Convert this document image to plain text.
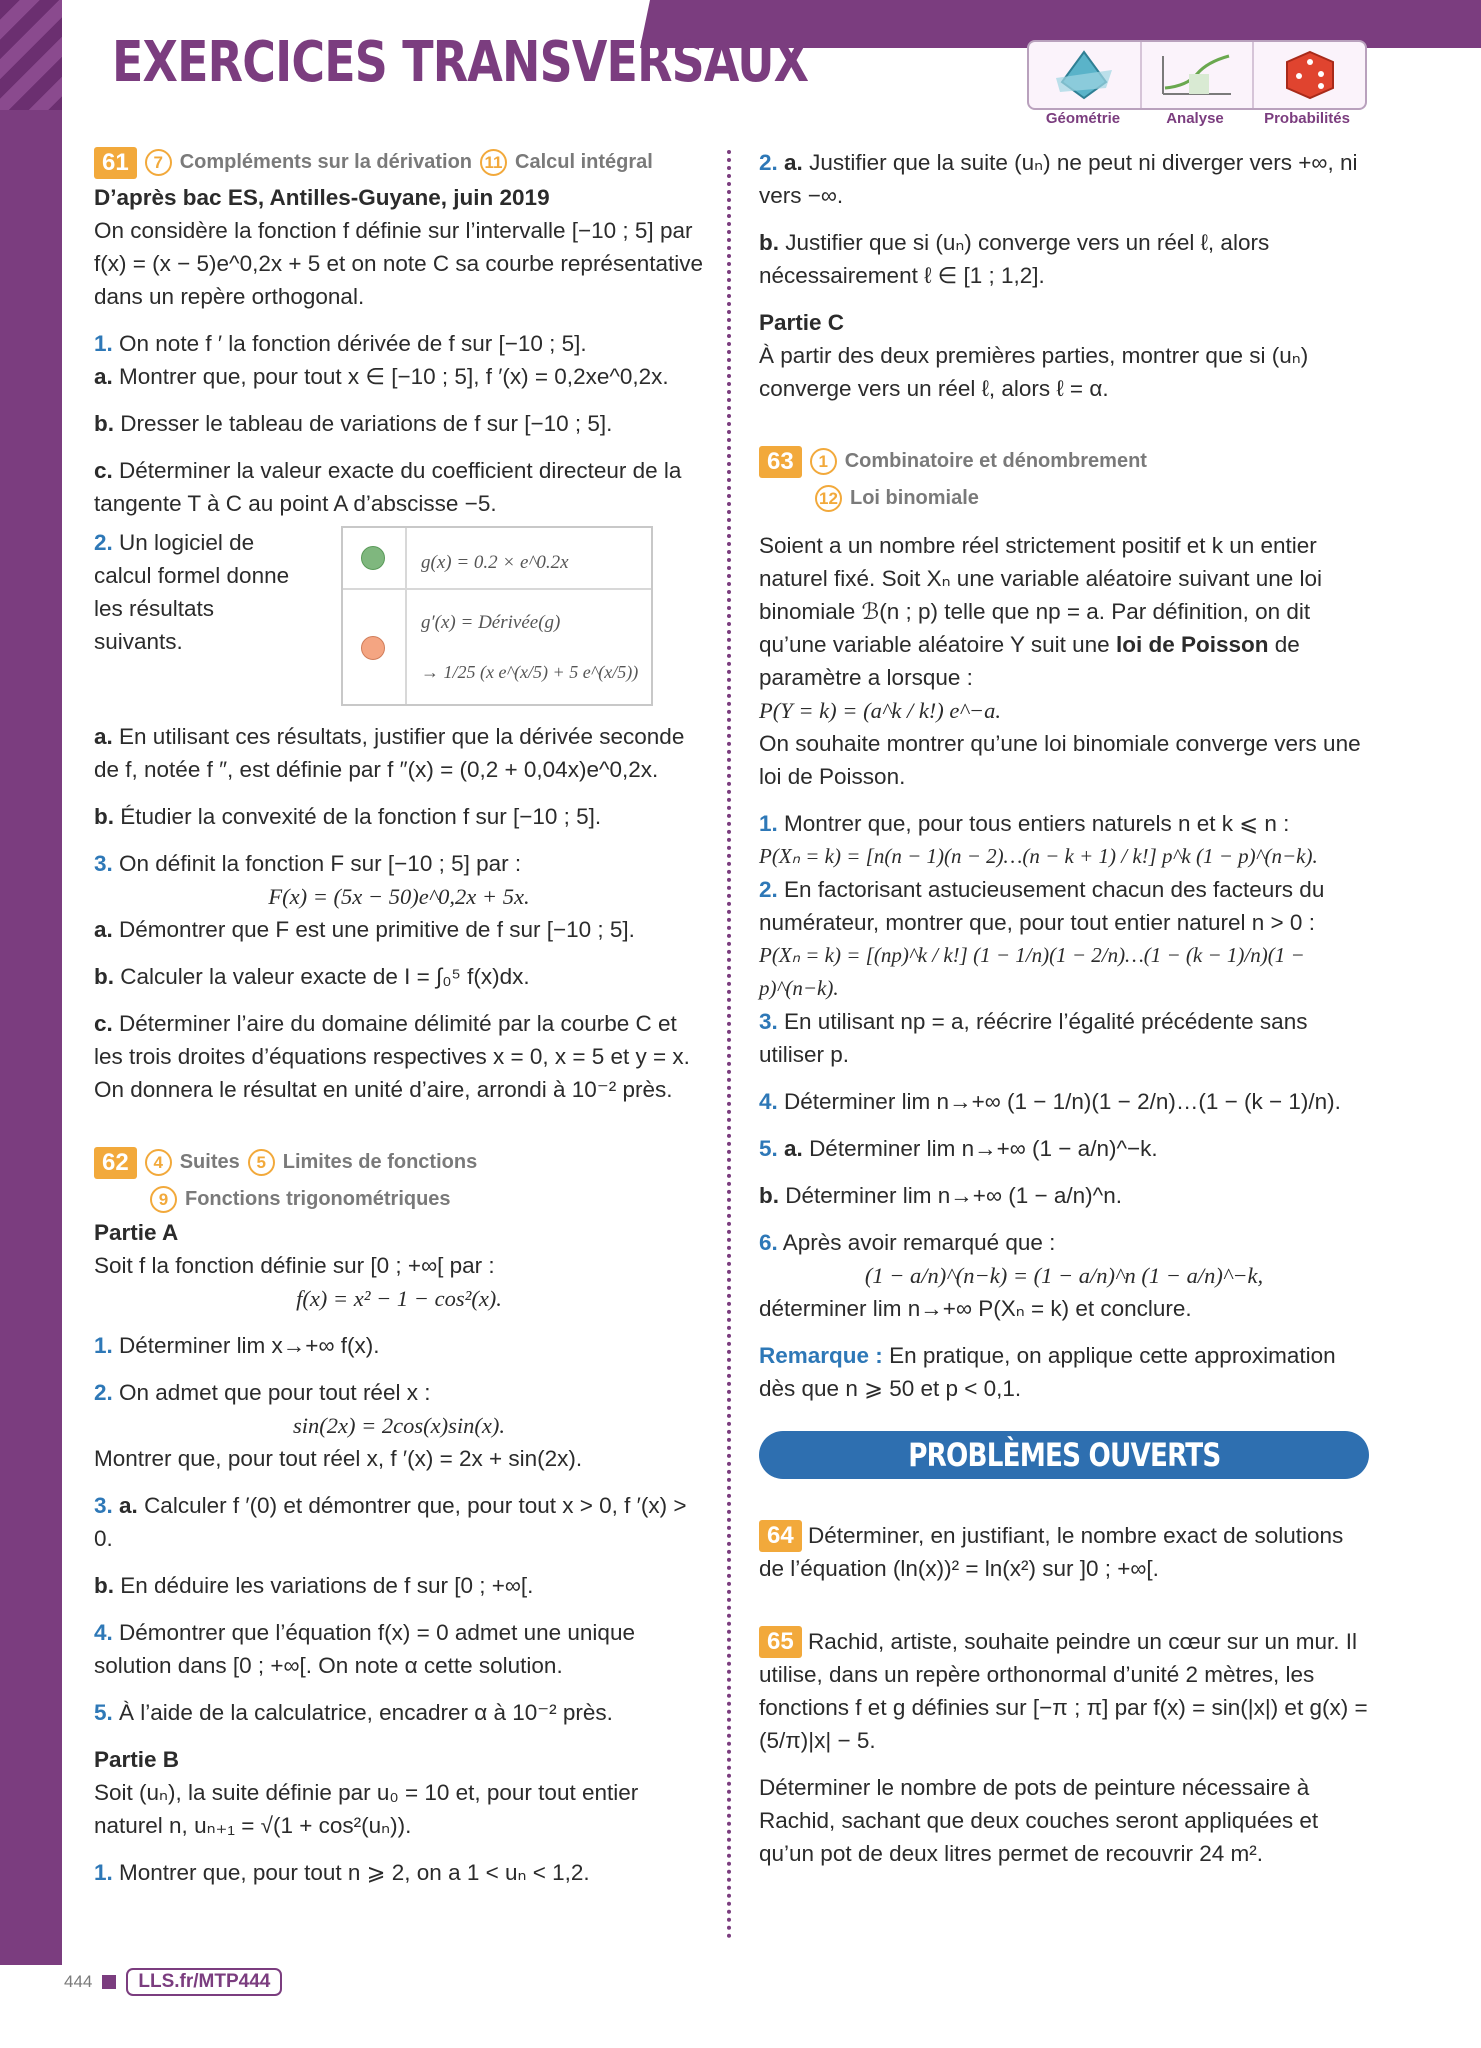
EXERCICES TRANSVERSAUX
Géométrie	Analyse	Probabilités
61	7 Compléments sur la dérivation 11 Calcul intégral

D’après bac ES, Antilles-Guyane, juin 2019

On considère la fonction f définie sur l’intervalle [−10 ; 5] par f(x) = (x − 5)e^0,2x + 5 et on note C sa courbe représentative dans un repère orthogonal.

1. On note f ′ la fonction dérivée de f sur [−10 ; 5].

a. Montrer que, pour tout x ∈ [−10 ; 5], f ′(x) = 0,2xe^0,2x.

b. Dresser le tableau de variations de f sur [−10 ; 5].

c. Déterminer la valeur exacte du coefficient directeur de la tangente T à C au point A d’abscisse −5.

2. Un logiciel de calcul formel donne les résultats suivants.

g(x) = 0.2 × e^0.2x
g′(x) = Dérivée(g)
→ 1/25 (x e^(x/5) + 5 e^(x/5))

a. En utilisant ces résultats, justifier que la dérivée seconde de f, notée f ″, est définie par f ″(x) = (0,2 + 0,04x)e^0,2x.

b. Étudier la convexité de la fonction f sur [−10 ; 5].

3. On définit la fonction F sur [−10 ; 5] par :

F(x) = (5x − 50)e^0,2x + 5x.

a. Démontrer que F est une primitive de f sur [−10 ; 5].

b. Calculer la valeur exacte de I = ∫₀⁵ f(x)dx.

c. Déterminer l’aire du domaine délimité par la courbe C et les trois droites d’équations respectives x = 0, x = 5 et y = x. On donnera le résultat en unité d’aire, arrondi à 10⁻² près.

62	4 Suites 5 Limites de fonctions
9 Fonctions trigonométriques

Partie A

Soit f la fonction définie sur [0 ; +∞[ par :

f(x) = x² − 1 − cos²(x).

1. Déterminer lim x→+∞ f(x).

2. On admet que pour tout réel x :

sin(2x) = 2cos(x)sin(x).

Montrer que, pour tout réel x, f ′(x) = 2x + sin(2x).

3. a. Calculer f ′(0) et démontrer que, pour tout x > 0, f ′(x) > 0.

b. En déduire les variations de f sur [0 ; +∞[.

4. Démontrer que l’équation f(x) = 0 admet une unique solution dans [0 ; +∞[. On note α cette solution.

5. À l’aide de la calculatrice, encadrer α à 10⁻² près.

Partie B

Soit (uₙ), la suite définie par u₀ = 10 et, pour tout entier naturel n, uₙ₊₁ = √(1 + cos²(uₙ)).

1. Montrer que, pour tout n ⩾ 2, on a 1 < uₙ < 1,2.

2. a. Justifier que la suite (uₙ) ne peut ni diverger vers +∞, ni vers −∞.

b. Justifier que si (uₙ) converge vers un réel ℓ, alors nécessairement ℓ ∈ [1 ; 1,2].

Partie C

À partir des deux premières parties, montrer que si (uₙ) converge vers un réel ℓ, alors ℓ = α.

63	1 Combinatoire et dénombrement
12 Loi binomiale

Soient a un nombre réel strictement positif et k un entier naturel fixé. Soit Xₙ une variable aléatoire suivant une loi binomiale ℬ(n ; p) telle que np = a. Par définition, on dit qu’une variable aléatoire Y suit une loi de Poisson de paramètre a lorsque :

P(Y = k) = (a^k / k!) e^−a.

On souhaite montrer qu’une loi binomiale converge vers une loi de Poisson.

1. Montrer que, pour tous entiers naturels n et k ⩽ n :

P(Xₙ = k) = [n(n − 1)(n − 2)…(n − k + 1) / k!] p^k (1 − p)^(n−k).

2. En factorisant astucieusement chacun des facteurs du numérateur, montrer que, pour tout entier naturel n > 0 :

P(Xₙ = k) = [(np)^k / k!] (1 − 1/n)(1 − 2/n)…(1 − (k − 1)/n)(1 − p)^(n−k).

3. En utilisant np = a, réécrire l’égalité précédente sans utiliser p.

4. Déterminer lim n→+∞ (1 − 1/n)(1 − 2/n)…(1 − (k − 1)/n).

5. a. Déterminer lim n→+∞ (1 − a/n)^−k.

b. Déterminer lim n→+∞ (1 − a/n)^n.

6. Après avoir remarqué que :

(1 − a/n)^(n−k) = (1 − a/n)^n (1 − a/n)^−k,

déterminer lim n→+∞ P(Xₙ = k) et conclure.

Remarque : En pratique, on applique cette approximation dès que n ⩾ 50 et p < 0,1.

PROBLÈMES OUVERTS

64 Déterminer, en justifiant, le nombre exact de solutions de l’équation (ln(x))² = ln(x²) sur ]0 ; +∞[.

65 Rachid, artiste, souhaite peindre un cœur sur un mur. Il utilise, dans un repère orthonormal d’unité 2 mètres, les fonctions f et g définies sur [−π ; π] par f(x) = sin(|x|) et g(x) = (5/π)|x| − 5.

Déterminer le nombre de pots de peinture nécessaire à Rachid, sachant que deux couches seront appliquées et qu’un pot de deux litres permet de recouvrir 24 m².

444	LLS.fr/MTP444
